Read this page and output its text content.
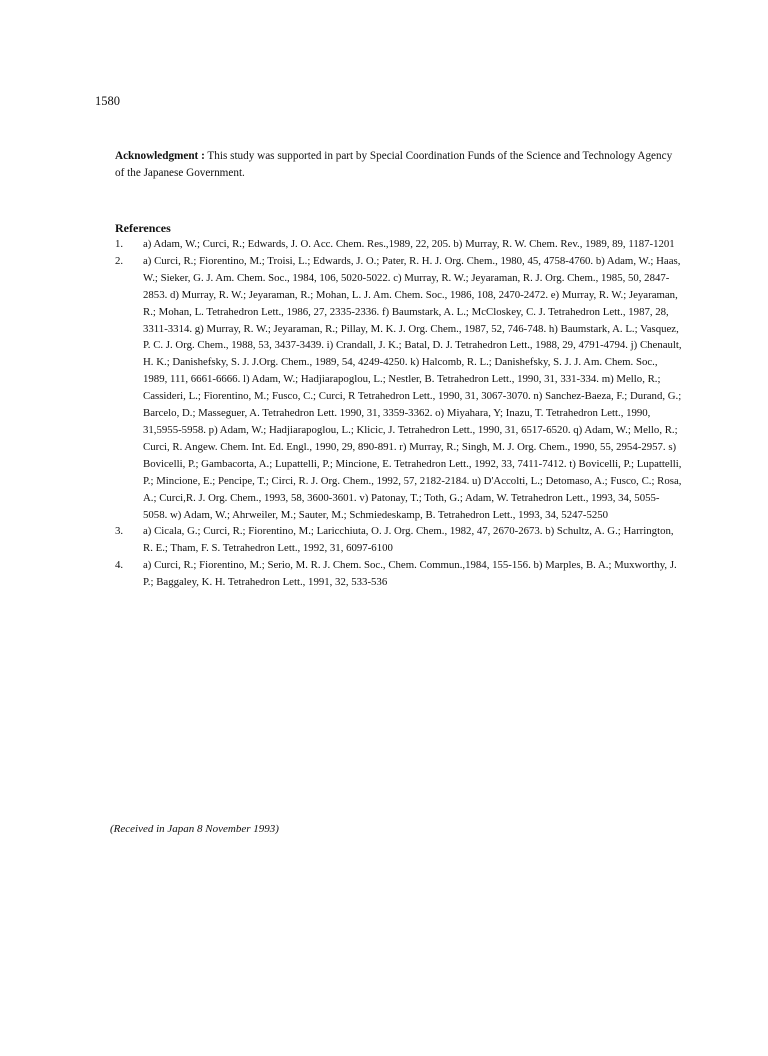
1580
Acknowledgment : This study was supported in part by Special Coordination Funds of the Science and Technology Agency of the Japanese Government.
References
1.	a) Adam, W.; Curci, R.; Edwards, J. O. Acc. Chem. Res.,1989, 22, 205. b) Murray, R. W. Chem. Rev., 1989, 89, 1187-1201
2.	a) Curci, R.; Fiorentino, M.; Troisi, L.; Edwards, J. O.; Pater, R. H. J. Org. Chem., 1980, 45, 4758-4760. b) Adam, W.; Haas, W.; Sieker, G. J. Am. Chem. Soc., 1984, 106, 5020-5022. c) Murray, R. W.; Jeyaraman, R. J. Org. Chem., 1985, 50, 2847-2853. d) Murray, R. W.; Jeyaraman, R.; Mohan, L. J. Am. Chem. Soc., 1986, 108, 2470-2472. e) Murray, R. W.; Jeyaraman, R.; Mohan, L. Tetrahedron Lett., 1986, 27, 2335-2336. f) Baumstark, A. L.; McCloskey, C. J. Tetrahedron Lett., 1987, 28, 3311-3314. g) Murray, R. W.; Jeyaraman, R.; Pillay, M. K. J. Org. Chem., 1987, 52, 746-748. h) Baumstark, A. L.; Vasquez, P. C. J. Org. Chem., 1988, 53, 3437-3439. i) Crandall, J. K.; Batal, D. J. Tetrahedron Lett., 1988, 29, 4791-4794. j) Chenault, H. K.; Danishefsky, S. J. J.Org. Chem., 1989, 54, 4249-4250. k) Halcomb, R. L.; Danishefsky, S. J. J. Am. Chem. Soc., 1989, 111, 6661-6666. l) Adam, W.; Hadjiarapoglou, L.; Nestler, B. Tetrahedron Lett., 1990, 31, 331-334. m) Mello, R.; Cassideri, L.; Fiorentino, M.; Fusco, C.; Curci, R Tetrahedron Lett., 1990, 31, 3067-3070. n) Sanchez-Baeza, F.; Durand, G.; Barcelo, D.; Masseguer, A. Tetrahedron Lett. 1990, 31, 3359-3362. o) Miyahara, Y; Inazu, T. Tetrahedron Lett., 1990, 31,5955-5958. p) Adam, W.; Hadjiarapoglou, L.; Klicic, J. Tetrahedron Lett., 1990, 31, 6517-6520. q) Adam, W.; Mello, R.; Curci, R. Angew. Chem. Int. Ed. Engl., 1990, 29, 890-891. r) Murray, R.; Singh, M. J. Org. Chem., 1990, 55, 2954-2957. s) Bovicelli, P.; Gambacorta, A.; Lupattelli, P.; Mincione, E. Tetrahedron Lett., 1992, 33, 7411-7412. t) Bovicelli, P.; Lupattelli, P.; Mincione, E.; Pencipe, T.; Circi, R. J. Org. Chem., 1992, 57, 2182-2184. u) D'Accolti, L.; Detomaso, A.; Fusco, C.; Rosa, A.; Curci,R. J. Org. Chem., 1993, 58, 3600-3601. v) Patonay, T.; Toth, G.; Adam, W. Tetrahedron Lett., 1993, 34, 5055-5058. w) Adam, W.; Ahrweiler, M.; Sauter, M.; Schmiedeskamp, B. Tetrahedron Lett., 1993, 34, 5247-5250
3.	a) Cicala, G.; Curci, R.; Fiorentino, M.; Laricchiuta, O. J. Org. Chem., 1982, 47, 2670-2673. b) Schultz, A. G.; Harrington, R. E.; Tham, F. S. Tetrahedron Lett., 1992, 31, 6097-6100
4.	a) Curci, R.; Fiorentino, M.; Serio, M. R. J. Chem. Soc., Chem. Commun.,1984, 155-156. b) Marples, B. A.; Muxworthy, J. P.; Baggaley, K. H. Tetrahedron Lett., 1991, 32, 533-536
(Received in Japan 8 November 1993)
